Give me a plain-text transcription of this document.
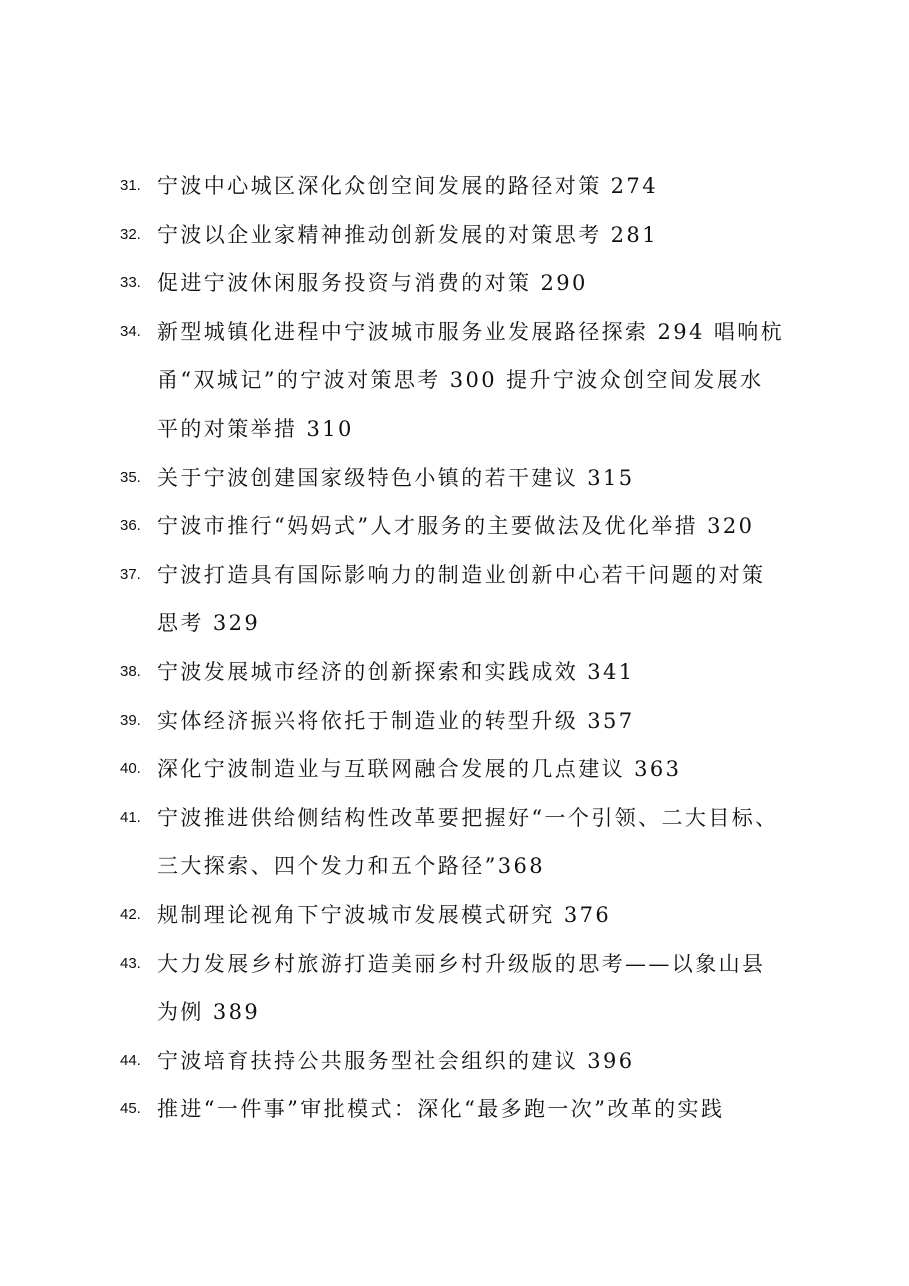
31. 宁波中心城区深化众创空间发展的路径对策 274
32. 宁波以企业家精神推动创新发展的对策思考 281
33. 促进宁波休闲服务投资与消费的对策 290
34. 新型城镇化进程中宁波城市服务业发展路径探索 294 唱响杭
甬“双城记”的宁波对策思考 300 提升宁波众创空间发展水
平的对策举措 310
35. 关于宁波创建国家级特色小镇的若干建议 315
36. 宁波市推行“妈妈式”人才服务的主要做法及优化举措 320
37. 宁波打造具有国际影响力的制造业创新中心若干问题的对策
思考 329
38. 宁波发展城市经济的创新探索和实践成效 341
39. 实体经济振兴将依托于制造业的转型升级 357
40. 深化宁波制造业与互联网融合发展的几点建议 363
41. 宁波推进供给侧结构性改革要把握好“一个引领、二大目标、
三大探索、四个发力和五个路径”368
42. 规制理论视角下宁波城市发展模式研究 376
43. 大力发展乡村旅游打造美丽乡村升级版的思考——以象山县
为例 389
44. 宁波培育扶持公共服务型社会组织的建议 396
45. 推进“一件事”审批模式：深化“最多跑一次”改革的实践
